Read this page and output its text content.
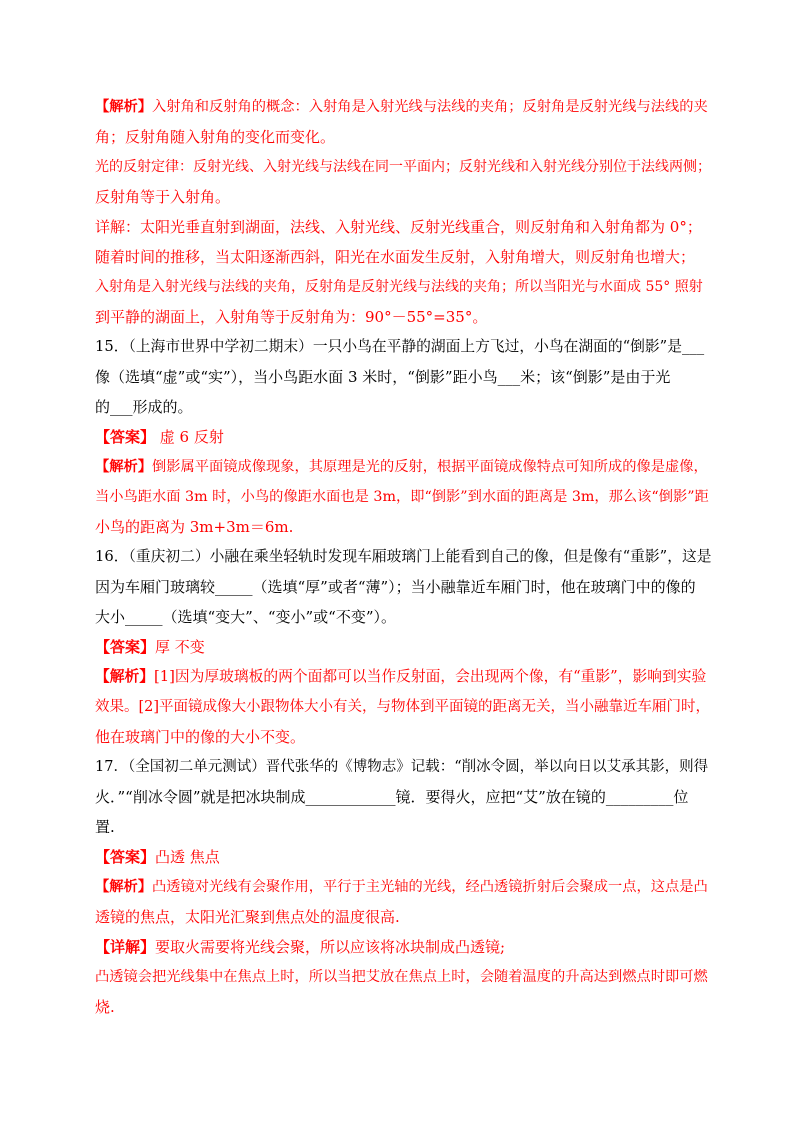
【解析】入射角和反射角的概念：入射角是入射光线与法线的夹角；反射角是反射光线与法线的夹
角；反射角随入射角的变化而变化。
光的反射定律：反射光线、入射光线与法线在同一平面内；反射光线和入射光线分别位于法线两侧；
反射角等于入射角。
详解：太阳光垂直射到湖面，法线、入射光线、反射光线重合，则反射角和入射角都为 0°；
随着时间的推移，当太阳逐渐西斜，阳光在水面发生反射，入射角增大，则反射角也增大；
入射角是入射光线与法线的夹角，反射角是反射光线与法线的夹角；所以当阳光与水面成 55° 照射
到平静的湖面上，入射角等于反射角为：90°－55°=35°。
15．（上海市世界中学初二期末）一只小鸟在平静的湖面上方飞过，小鸟在湖面的“倒影”是___
像（选填“虚”或“实”），当小鸟距水面 3 米时，“倒影”距小鸟___米；该“倒影”是由于光
的___形成的。
【答案】 虚 6 反射
【解析】倒影属平面镜成像现象，其原理是光的反射，根据平面镜成像特点可知所成的像是虚像，
当小鸟距水面 3m 时，小鸟的像距水面也是 3m，即“倒影”到水面的距离是 3m，那么该“倒影”距
小鸟的距离为 3m+3m＝6m.
16．（重庆初二）小融在乘坐轻轨时发现车厢玻璃门上能看到自己的像，但是像有“重影”，这是
因为车厢门玻璃较_____（选填“厚”或者“薄”）；当小融靠近车厢门时，他在玻璃门中的像的
大小_____（选填“变大”、“变小”或“不变”）。
【答案】厚 不变
【解析】[1]因为厚玻璃板的两个面都可以当作反射面，会出现两个像，有“重影”，影响到实验
效果。[2]平面镜成像大小跟物体大小有关，与物体到平面镜的距离无关，当小融靠近车厢门时，
他在玻璃门中的像的大小不变。
17．（全国初二单元测试）晋代张华的《博物志》记载：“削冰令圆，举以向日以艾承其影，则得
火．”“削冰令圆”就是把冰块制成____________镜．要得火，应把“艾”放在镜的_________位
置.
【答案】凸透 焦点
【解析】凸透镜对光线有会聚作用，平行于主光轴的光线，经凸透镜折射后会聚成一点，这点是凸
透镜的焦点，太阳光汇聚到焦点处的温度很高.
【详解】要取火需要将光线会聚，所以应该将冰块制成凸透镜;
凸透镜会把光线集中在焦点上时，所以当把艾放在焦点上时，会随着温度的升高达到燃点时即可燃
烧.
